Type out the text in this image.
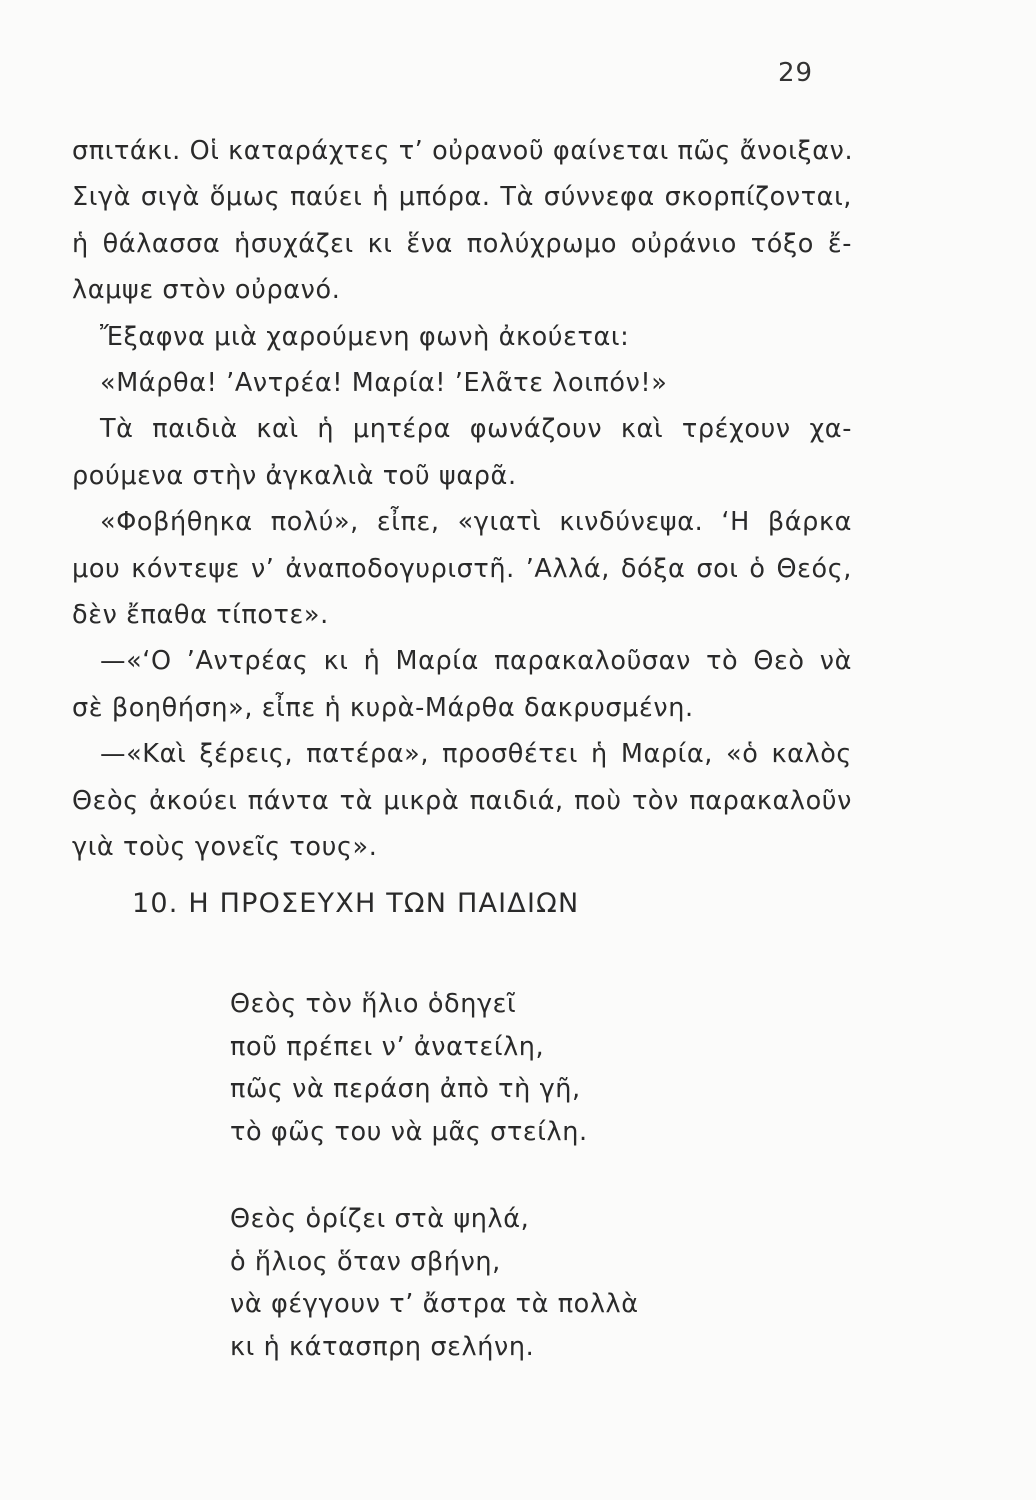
29
σπιτάκι. Οἱ καταράχτες τ’ οὐρανοῦ φαίνεται πῶς ἄνοιξαν.
Σιγὰ σιγὰ ὅμως παύει ἡ μπόρα. Τὰ σύννεφα σκορπίζονται,
ἡ θάλασσα ἡσυχάζει κι ἕνα πολύχρωμο οὐράνιο τόξο ἔ-
λαμψε στὸν οὐρανό.
Ἔξαφνα μιὰ χαρούμενη φωνὴ ἀκούεται:
«Μάρθα! ’Αντρέα! Μαρία! ’Ελᾶτε λοιπόν!»
Τὰ παιδιὰ καὶ ἡ μητέρα φωνάζουν καὶ τρέχουν χα-
ρούμενα στὴν ἀγκαλιὰ τοῦ ψαρᾶ.
«Φοβήθηκα πολύ», εἶπε, «γιατὶ κινδύνεψα. ‘Η βάρκα
μου κόντεψε ν’ ἀναποδογυριστῆ. ’Αλλά, δόξα σοι ὁ Θεός,
δὲν ἔπαθα τίποτε».
—«‘Ο ’Αντρέας κι ἡ Μαρία παρακαλοῦσαν τὸ Θεὸ νὰ
σὲ βοηθήση», εἶπε ἡ κυρὰ-Μάρθα δακρυσμένη.
—«Καὶ ξέρεις, πατέρα», προσθέτει ἡ Μαρία, «ὁ καλὸς
Θεὸς ἀκούει πάντα τὰ μικρὰ παιδιά, ποὺ τὸν παρακαλοῦν
γιὰ τοὺς γονεῖς τους».
10. Η ΠΡΟΣΕΥΧΗ ΤΩΝ ΠΑΙΔΙΩΝ
Θεὸς τὸν ἥλιο ὁδηγεῖ
ποῦ πρέπει ν’ ἀνατείλη,
πῶς νὰ περάση ἀπὸ τὴ γῆ,
τὸ φῶς του νὰ μᾶς στείλη.
Θεὸς ὁρίζει στὰ ψηλά,
ὁ ἥλιος ὅταν σβήνη,
νὰ φέγγουν τ’ ἄστρα τὰ πολλὰ
κι ἡ κάτασπρη σελήνη.
